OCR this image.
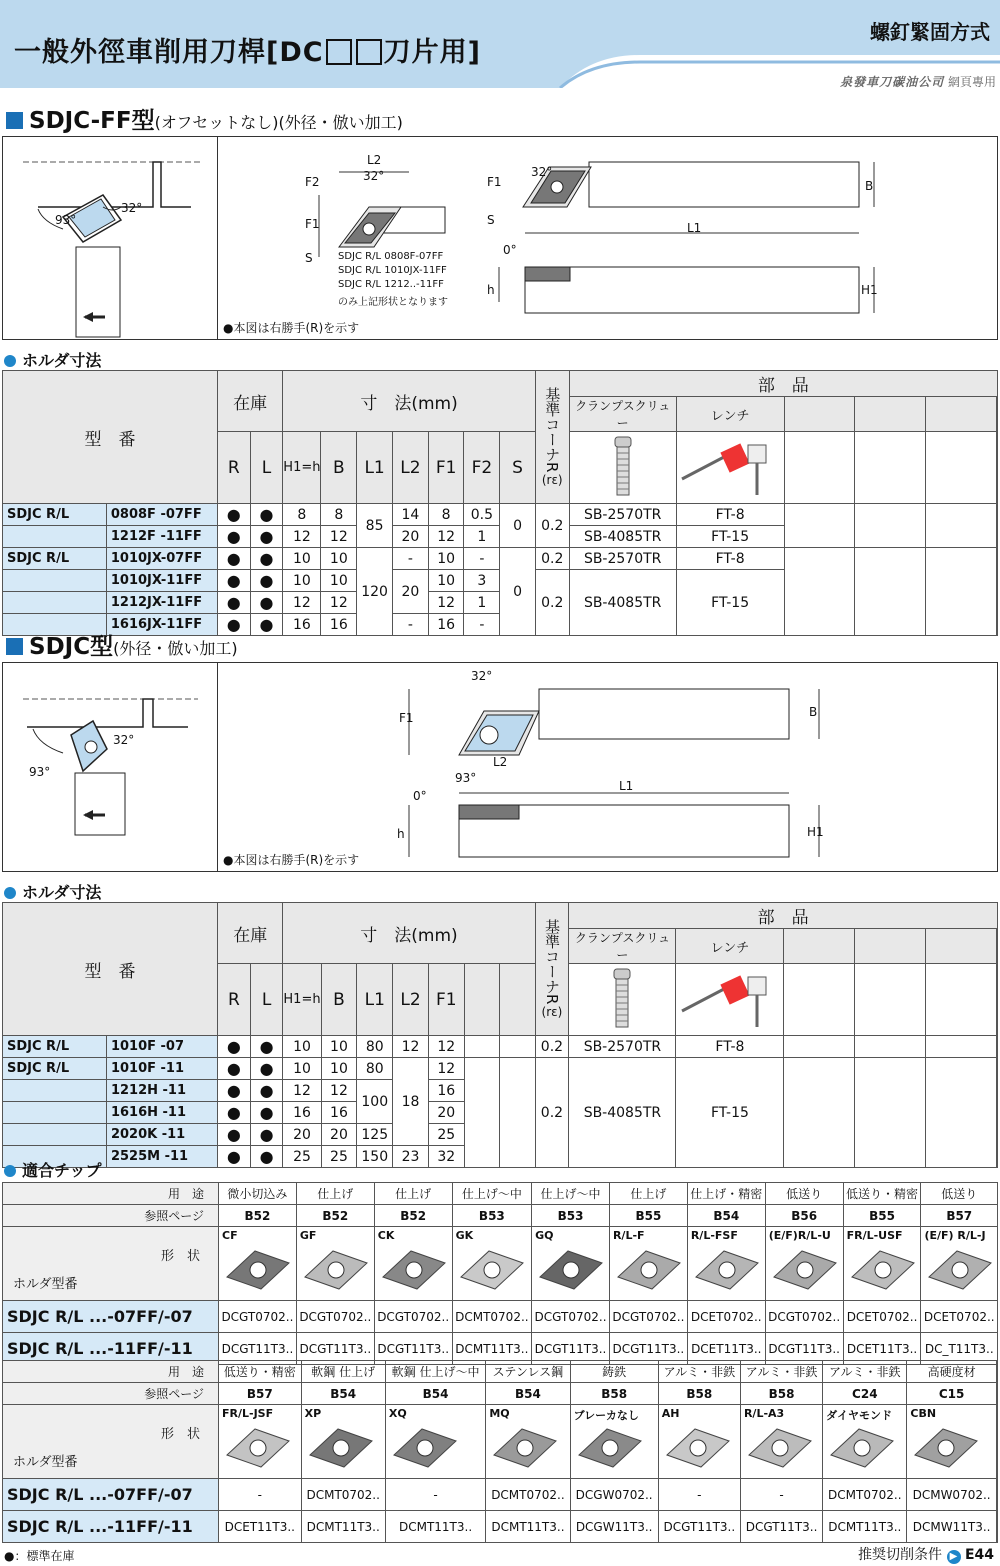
一般外徑車削用刀桿[DC 刀片用]
螺釘緊固方式
泉發車刀碳油公司 網頁專用
SDJC-FF型(オフセットなし)(外径・倣い加工)
32°
93°
L2
32°
F2
F1
S	SDJC R/L 0808F-07FF
SDJC R/L 1010JX-11FF
SDJC R/L 1212..-11FF
のみ上記形状となります
F1
32°
S
L1
B
0°
h	H1
●本図は右勝手(R)を示す
ホルダ寸法
型　番		在庫		寸　法(mm)							基準コーナR
(rε)	部　品					
												クランプスクリュー	レンチ				
		R	L	H1=h	B	L1	L2	F1	F2	S						
SDJC R/L	0808F -07FF	●	●	8	8	85	14	8	0.5	0	0.2	SB-2570TR	FT-8				
	1212F -11FF	●	●	12	12		20	12	1			SB-4085TR	FT-15				
SDJC R/L	1010JX-07FF	●	●	10	10	120	-	10	-	0	0.2	SB-2570TR	FT-8				
	1010JX-11FF	●	●	10	10		20	10	3		0.2	SB-4085TR	FT-15				
	1212JX-11FF	●	●	12	12			12	1								
	1616JX-11FF	●	●	16	16		-	16	-								
SDJC型(外径・倣い加工)
32°
93°
32°
F1	B
L2
93°
L1
0°
h	H1
●本図は右勝手(R)を示す
ホルダ寸法
型　番		在庫		寸　法(mm)							基準コーナR
(rε)	部　品					
												クランプスクリュー	レンチ				
		R	L	H1=h	B	L1	L2	F1								
SDJC R/L	1010F -07	●	●	10	10	80	12	12			0.2	SB-2570TR	FT-8				
SDJC R/L	1010F -11	●	●	10	10	80	18	12			0.2	SB-4085TR	FT-15				
	1212H -11	●	●	12	12	100		16									
	1616H -11	●	●	16	16			20									
	2020K -11	●	●	20	20	125		25									
	2525M -11	●	●	25	25	150	23	32									
適合チップ
用　途	微小切込み	仕上げ	仕上げ	仕上げ～中	仕上げ～中	仕上げ	仕上げ・精密	低送り	低送り・精密	低送り
参照ページ	B52	B52	B52	B53	B53	B55	B54	B56	B55	B57

形　状
ホルダ型番	CF	GF	CK	GK	GQ	R/L-F	R/L-FSF	(E/F)R/L-U	FR/L-USF	(E/F) R/L-J

SDJC R/L ...-07FF/-07	DCGT0702..	DCGT0702..	DCGT0702..	DCMT0702..	DCGT0702..	DCGT0702..	DCET0702..	DCGT0702..	DCET0702..	DCET0702..
SDJC R/L ...-11FF/-11	DCGT11T3..	DCGT11T3..	DCGT11T3..	DCMT11T3..	DCGT11T3..	DCGT11T3..	DCET11T3..	DCGT11T3..	DCET11T3..	DC_T11T3..
用　途	低送り・精密	軟鋼 仕上げ	軟鋼 仕上げ～中	ステンレス鋼	鋳鉄	アルミ・非鉄	アルミ・非鉄	アルミ・非鉄	高硬度材	
参照ページ	B57	B54	B54	B54	B58	B58	B58	C24	C15	

形　状
ホルダ型番	FR/L-JSF	XP	XQ	MQ	ブレーカなし	AH	R/L-A3	ダイヤモンド	CBN	

SDJC R/L ...-07FF/-07	-	DCMT0702..	-	DCMT0702..	DCGW0702..	-	-	DCMT0702..	DCMW0702..	
SDJC R/L ...-11FF/-11	DCET11T3..	DCMT11T3..	DCMT11T3..	DCMT11T3..	DCGW11T3..	DCGT11T3..	DCGT11T3..	DCMT11T3..	DCMW11T3..	
●：標準在庫	推奨切削条件 ▶ E44
